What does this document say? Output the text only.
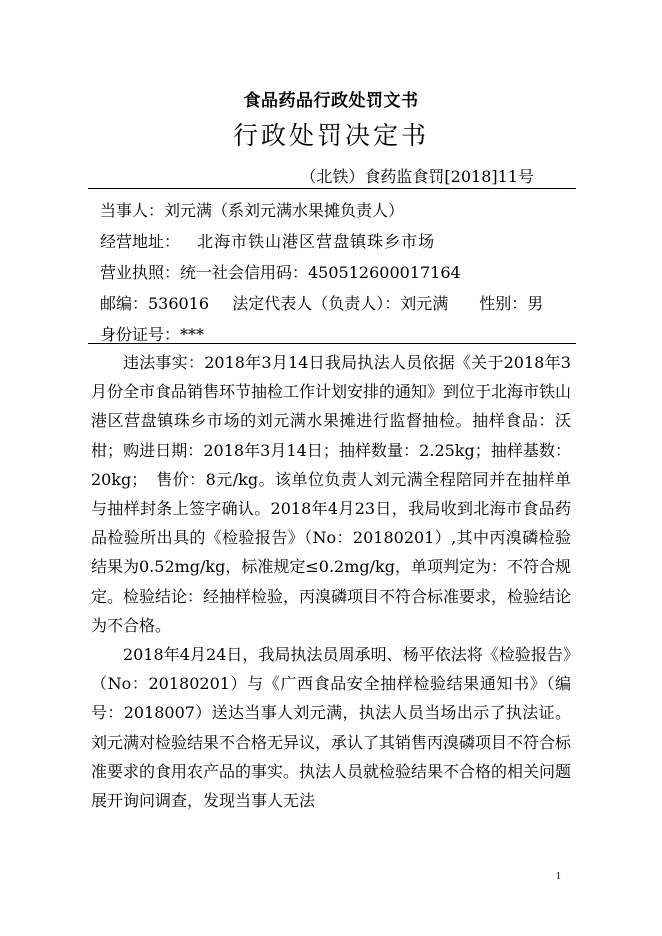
食品药品行政处罚文书
行政处罚决定书
（北铁）食药监食罚[2018]11号
当事人：刘元满（系刘元满水果摊负责人）
经营地址： 北海市铁山港区营盘镇珠乡市场
营业执照：统一社会信用码：450512600017164
邮编：536016 法定代表人（负责人）：刘元满 性别：男
身份证号：***

违法事实：2018年3月14日我局执法人员依据《关于2018年3月份全市食品销售环节抽检工作计划安排的通知》到位于北海市铁山港区营盘镇珠乡市场的刘元满水果摊进行监督抽检。抽样食品：沃柑；购进日期：2018年3月14日；抽样数量：2.25kg；抽样基数：20kg；　售价：8元/kg。该单位负责人刘元满全程陪同并在抽样单与抽样封条上签字确认。2018年4月23日，我局收到北海市食品药品检验所出具的《检验报告》（No：20180201）,其中丙溴磷检验结果为0.52mg/kg，标准规定≤0.2mg/kg，单项判定为：不符合规定。检验结论：经抽样检验，丙溴磷项目不符合标准要求，检验结论为不合格。

2018年4月24日，我局执法员周承明、杨平依法将《检验报告》（No：20180201）与《广西食品安全抽样检验结果通知书》（编号：2018007）送达当事人刘元满，执法人员当场出示了执法证。刘元满对检验结果不合格无异议，承认了其销售丙溴磷项目不符合标准要求的食用农产品的事实。执法人员就检验结果不合格的相关问题展开询问调查，发现当事人无法

1
